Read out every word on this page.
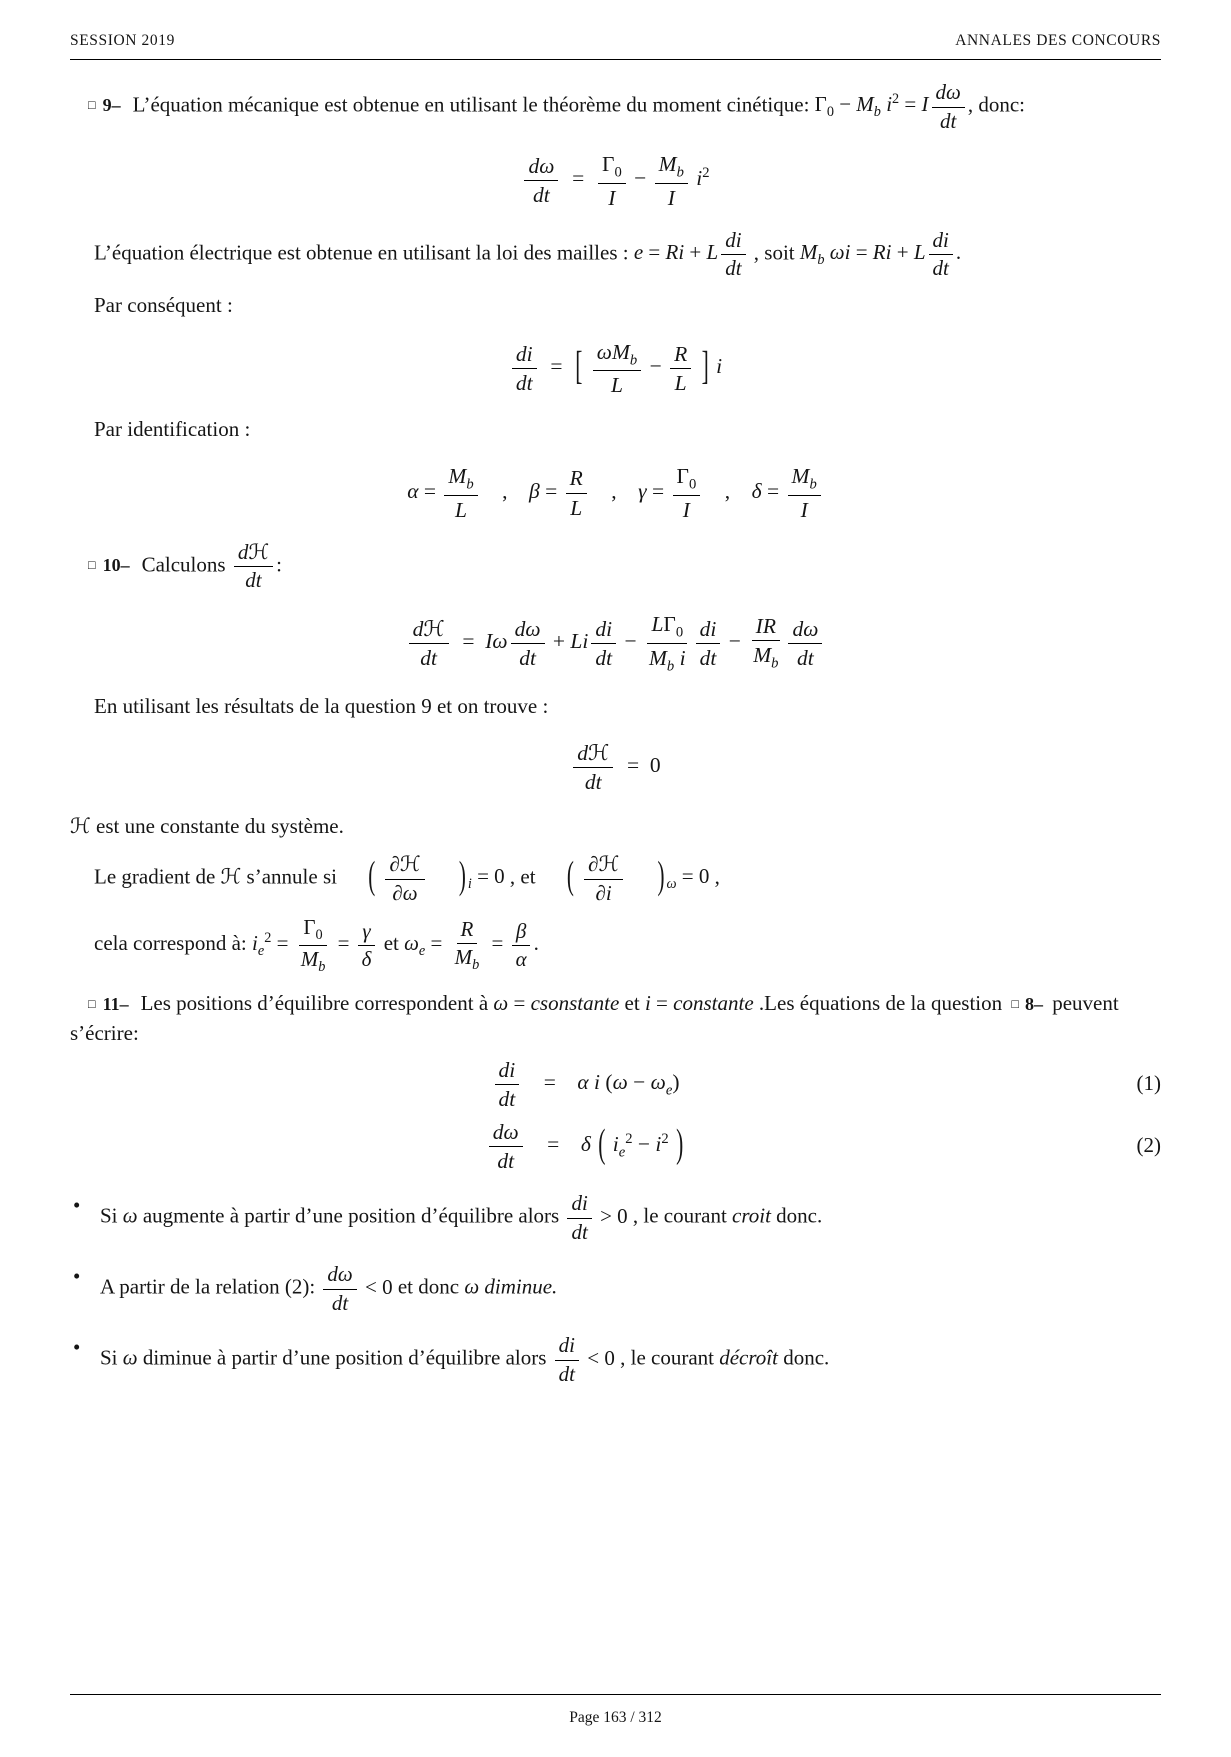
SESSION 2019	ANNALES DES CONCOURS

□ 9– L’équation mécanique est obtenue en utilisant le théorème du moment cinétique: $\Gamma_0 - M_b$ $i^2 = I \frac{d\omega}{dt}$ , donc:

$\frac{d\omega}{dt}$  =  $\frac{\Gamma_0}{I} - \frac{M_b}{I} i^2$

L’équation électrique est obtenue en utilisant la loi des mailles : e = Ri + L $\frac{di}{dt}$ , soit $M_b$ ωi = Ri + L $\frac{di}{dt}$ .

Par conséquent :

$\frac{di}{dt}$  = [ $\omega M_b$
L
− $\frac{R}{L}$ ] i

Par identification :

$\alpha = \frac{M_b}{L}$  , $\beta = \frac{R}{L}$  , $\gamma = \frac{\Gamma_0}{I}$  , $\delta = \frac{M_b}{I}$

□ 10– Calculons
dℋ
dt
:

dℋ
dt
 = Iω $\frac{d\omega}{dt} + Li \frac{di}{dt} - \frac{L\Gamma_0}{M_b i} \frac{di}{dt} - \frac{IR}{M_b} \frac{d\omega}{dt}$

En utilisant les résultats de la question 9 et on trouve :

dℋ
dt
 = 0

ℋ est une constante du système.

Le gradient de ℋ s’annule si ( ∂ℋ
∂ω ) $_i$ = 0 , et ( ∂ℋ
∂i ) $_\omega$ = 0 ,

cela correspond à: $i_e^2 = \frac{\Gamma_0}{M_b} = \frac{\gamma}{\delta}$ et $\omega_e = \frac{R}{M_b} = \frac{\beta}{\alpha}$ .

□ 11– Les positions d’équilibre correspondent à ω = csonstante et i = constante .Les équations de la question □ 8– peuvent s’écrire:

$\frac{di}{dt}$  = α i $(\omega - \omega_e)$	(1)
$\frac{d\omega}{dt}$  = δ ( $i_e^2 - i^2$ )	(2)
• Si ω augmente à partir d’une position d’équilibre alors $\frac{di}{dt} > 0$ , le courant croit donc.
• A partir de la relation (2): $\frac{d\omega}{dt} < 0$ et donc ω diminue.
• Si ω diminue à partir d’une position d’équilibre alors $\frac{di}{dt} < 0$ , le courant décroît donc.
Page 163 / 312
